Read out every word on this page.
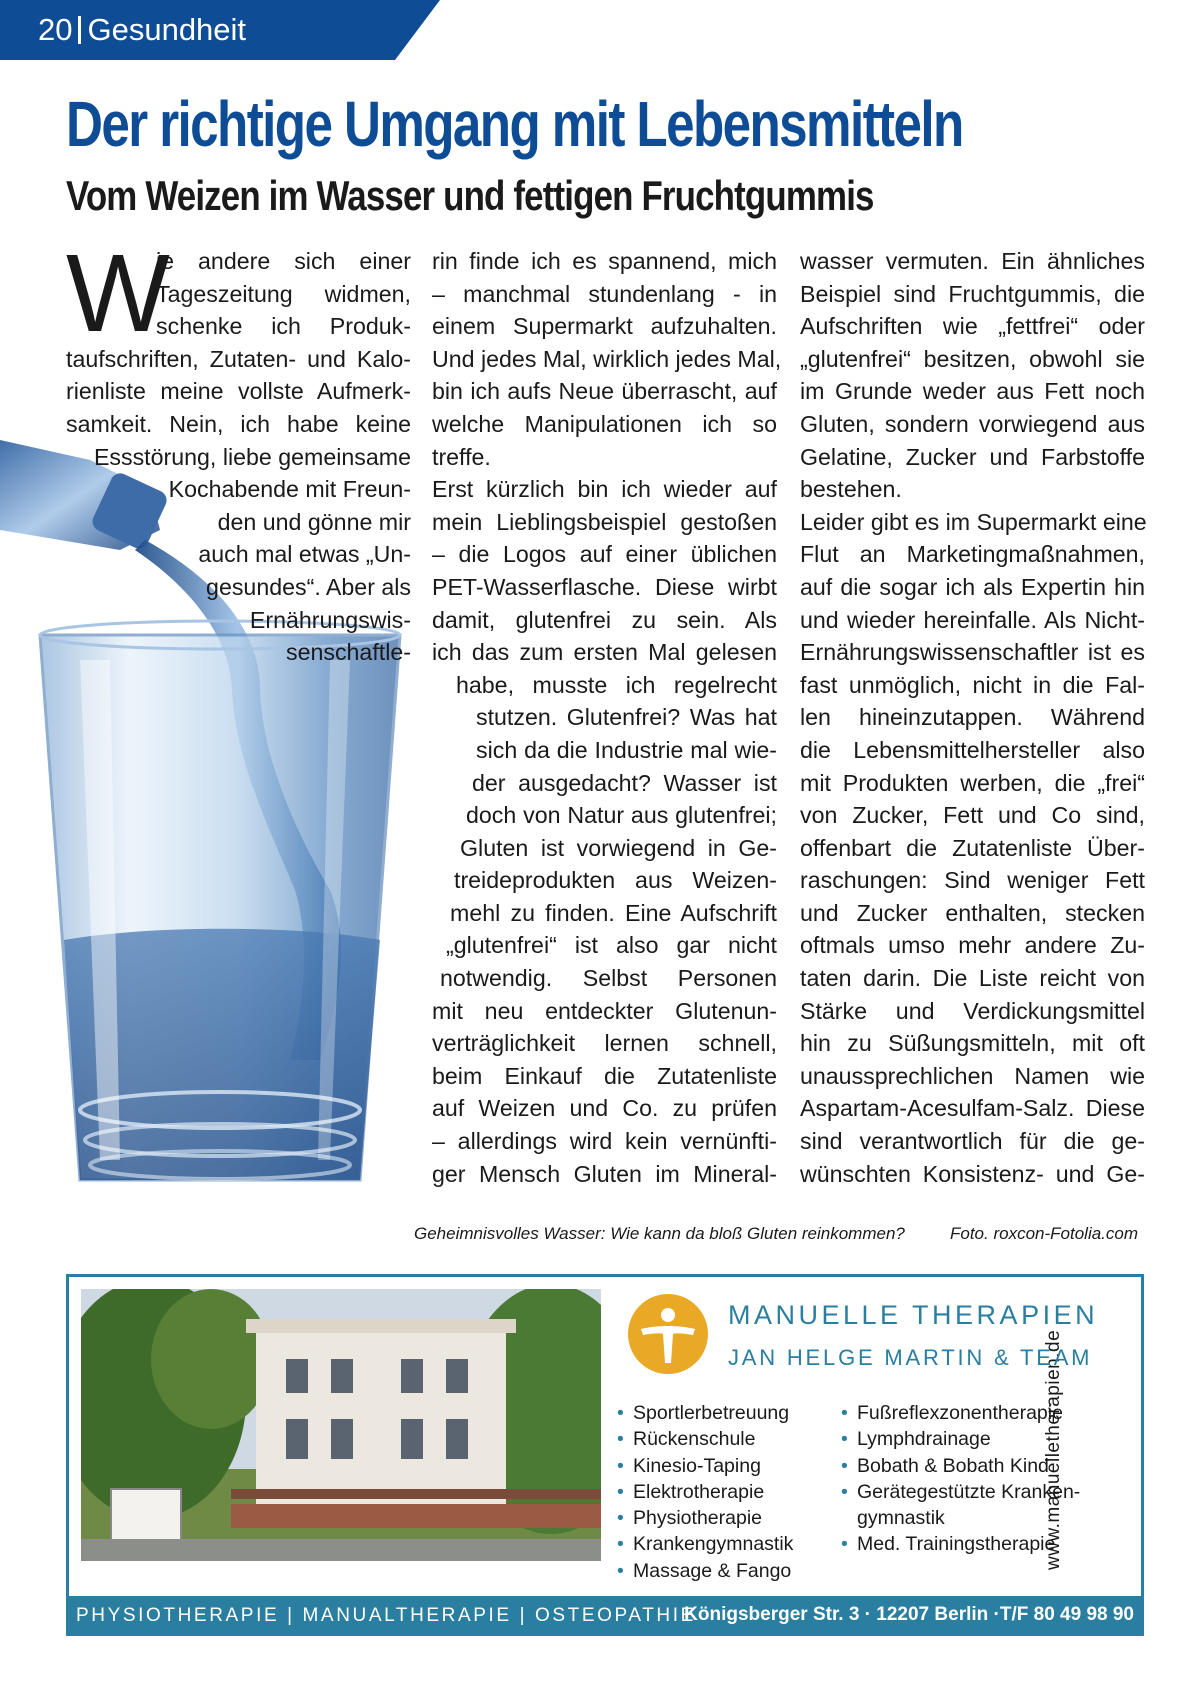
20 Gesundheit
Der richtige Umgang mit Lebensmitteln
Vom Weizen im Wasser und fettigen Fruchtgummis
W
ie andere sich einer
Tageszeitung widmen,
schenke ich Produk-
taufschriften, Zutaten- und Kalo-
rienliste meine vollste Aufmerk-
samkeit. Nein, ich habe keine
Essstörung, liebe gemeinsame
Kochabende mit Freun-
den und gönne mir
auch mal etwas „Un-
gesundes“. Aber als
Ernährungswis-
senschaftle-
rin finde ich es spannend, mich
– manchmal stundenlang - in
einem Supermarkt aufzuhalten.
Und jedes Mal, wirklich jedes Mal,
bin ich aufs Neue überrascht, auf
welche Manipulationen ich so
treffe.
Erst kürzlich bin ich wieder auf
mein Lieblingsbeispiel gestoßen
– die Logos auf einer üblichen
PET-Wasserflasche. Diese wirbt
damit, glutenfrei zu sein. Als
ich das zum ersten Mal gelesen
habe, musste ich regelrecht
stutzen. Glutenfrei? Was hat
sich da die Industrie mal wie-
der ausgedacht? Wasser ist
doch von Natur aus glutenfrei;
Gluten ist vorwiegend in Ge-
treideprodukten aus Weizen-
mehl zu finden. Eine Aufschrift
„glutenfrei“ ist also gar nicht
notwendig. Selbst Personen
mit neu entdeckter Glutenun-
verträglichkeit lernen schnell,
beim Einkauf die Zutatenliste
auf Weizen und Co. zu prüfen
– allerdings wird kein vernünfti-
ger Mensch Gluten im Mineral-
wasser vermuten. Ein ähnliches
Beispiel sind Fruchtgummis, die
Aufschriften wie „fettfrei“ oder
„glutenfrei“ besitzen, obwohl sie
im Grunde weder aus Fett noch
Gluten, sondern vorwiegend aus
Gelatine, Zucker und Farbstoffe
bestehen.
Leider gibt es im Supermarkt eine
Flut an Marketingmaßnahmen,
auf die sogar ich als Expertin hin
und wieder hereinfalle. Als Nicht-
Ernährungswissenschaftler ist es
fast unmöglich, nicht in die Fal-
len hineinzutappen. Während
die Lebensmittelhersteller also
mit Produkten werben, die „frei“
von Zucker, Fett und Co sind,
offenbart die Zutatenliste Über-
raschungen: Sind weniger Fett
und Zucker enthalten, stecken
oftmals umso mehr andere Zu-
taten darin. Die Liste reicht von
Stärke und Verdickungsmittel
hin zu Süßungsmitteln, mit oft
unaussprechlichen Namen wie
Aspartam-Acesulfam-Salz. Diese
sind verantwortlich für die ge-
wünschten Konsistenz- und Ge-
Geheimnisvolles Wasser: Wie kann da bloß Gluten reinkommen?	Foto. roxcon-Fotolia.com
www.manuelletherapien.de
MANUELLE THERAPIEN
JAN HELGE MARTIN & TEAM
• Sportlerbetreuung
• Rückenschule
• Kinesio-Taping
• Elektrotherapie
• Physiotherapie
• Krankengymnastik
• Massage & Fango
• Fußreflexzonentherapie
• Lymphdrainage
• Bobath & Bobath Kind
• Gerätegestützte Kranken-
gymnastik
• Med. Trainingstherapie
PHYSIOTHERAPIE | MANUALTHERAPIE | OSTEOPATHIE
Königsberger Str. 3 · 12207 Berlin ·T/F 80 49 98 90
